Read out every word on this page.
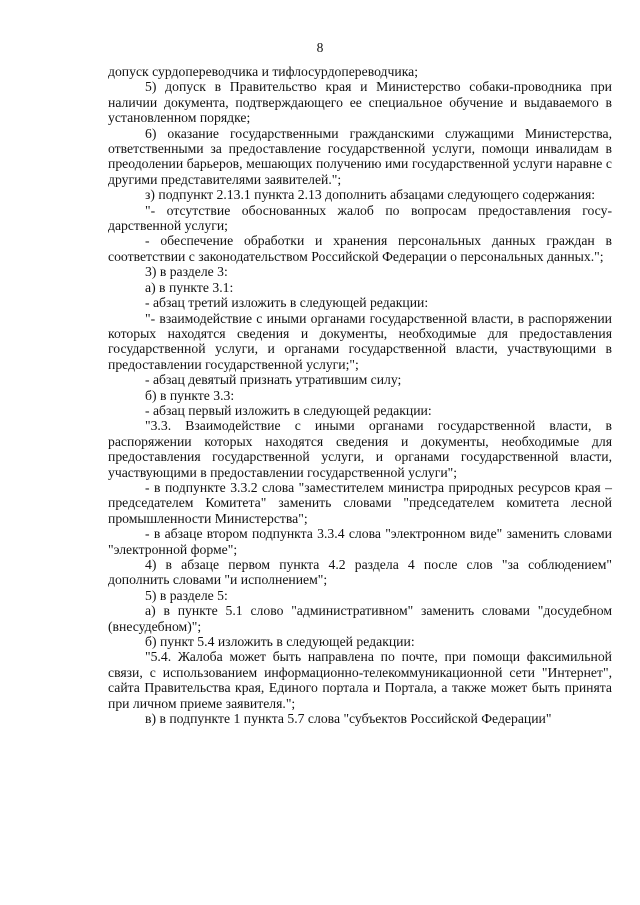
8

допуск сурдопереводчика и тифлосурдопереводчика;

5) допуск в Правительство края и Министерство собаки-проводника при наличии документа, подтверждающего ее специальное обучение и выдаваемого в установленном порядке;

6) оказание государственными гражданскими служащими Министерства, ответственными за предоставление государственной услуги, помощи инвалидам в преодолении барьеров, мешающих получению ими государственной услуги наравне с другими представителями заявителей.";

з) подпункт 2.13.1 пункта 2.13 дополнить абзацами следующего содержания:

"- отсутствие обоснованных жалоб по вопросам предоставления государственной услуги;

- обеспечение обработки и хранения персональных данных граждан в соответствии с законодательством Российской Федерации о персональных данных.";

3) в разделе 3:

а) в пункте 3.1:

- абзац третий изложить в следующей редакции:

"- взаимодействие с иными органами государственной власти, в распоряжении которых находятся сведения и документы, необходимые для предоставления государственной услуги, и органами государственной власти, участвующими в предоставлении государственной услуги;";

- абзац девятый признать утратившим силу;

б) в пункте 3.3:

- абзац первый изложить в следующей редакции:

"3.3. Взаимодействие с иными органами государственной власти, в распоряжении которых находятся сведения и документы, необходимые для предоставления государственной услуги, и органами государственной власти, участвующими в предоставлении государственной услуги";

- в подпункте 3.3.2 слова "заместителем министра природных ресурсов края – председателем Комитета" заменить словами "председателем комитета лесной промышленности Министерства";

- в абзаце втором подпункта 3.3.4 слова "электронном виде" заменить словами "электронной форме";

4) в абзаце первом пункта 4.2 раздела 4 после слов "за соблюдением" дополнить словами "и исполнением";

5) в разделе 5:

а) в пункте 5.1 слово "административном" заменить словами "досудебном (внесудебном)";

б) пункт 5.4 изложить в следующей редакции:

"5.4. Жалоба может быть направлена по почте, при помощи факсимильной связи, с использованием информационно-телекоммуникационной сети "Интернет", сайта Правительства края, Единого портала и Портала, а также может быть принята при личном приеме заявителя.";

в) в подпункте 1 пункта 5.7 слова "субъектов Российской Федерации"
